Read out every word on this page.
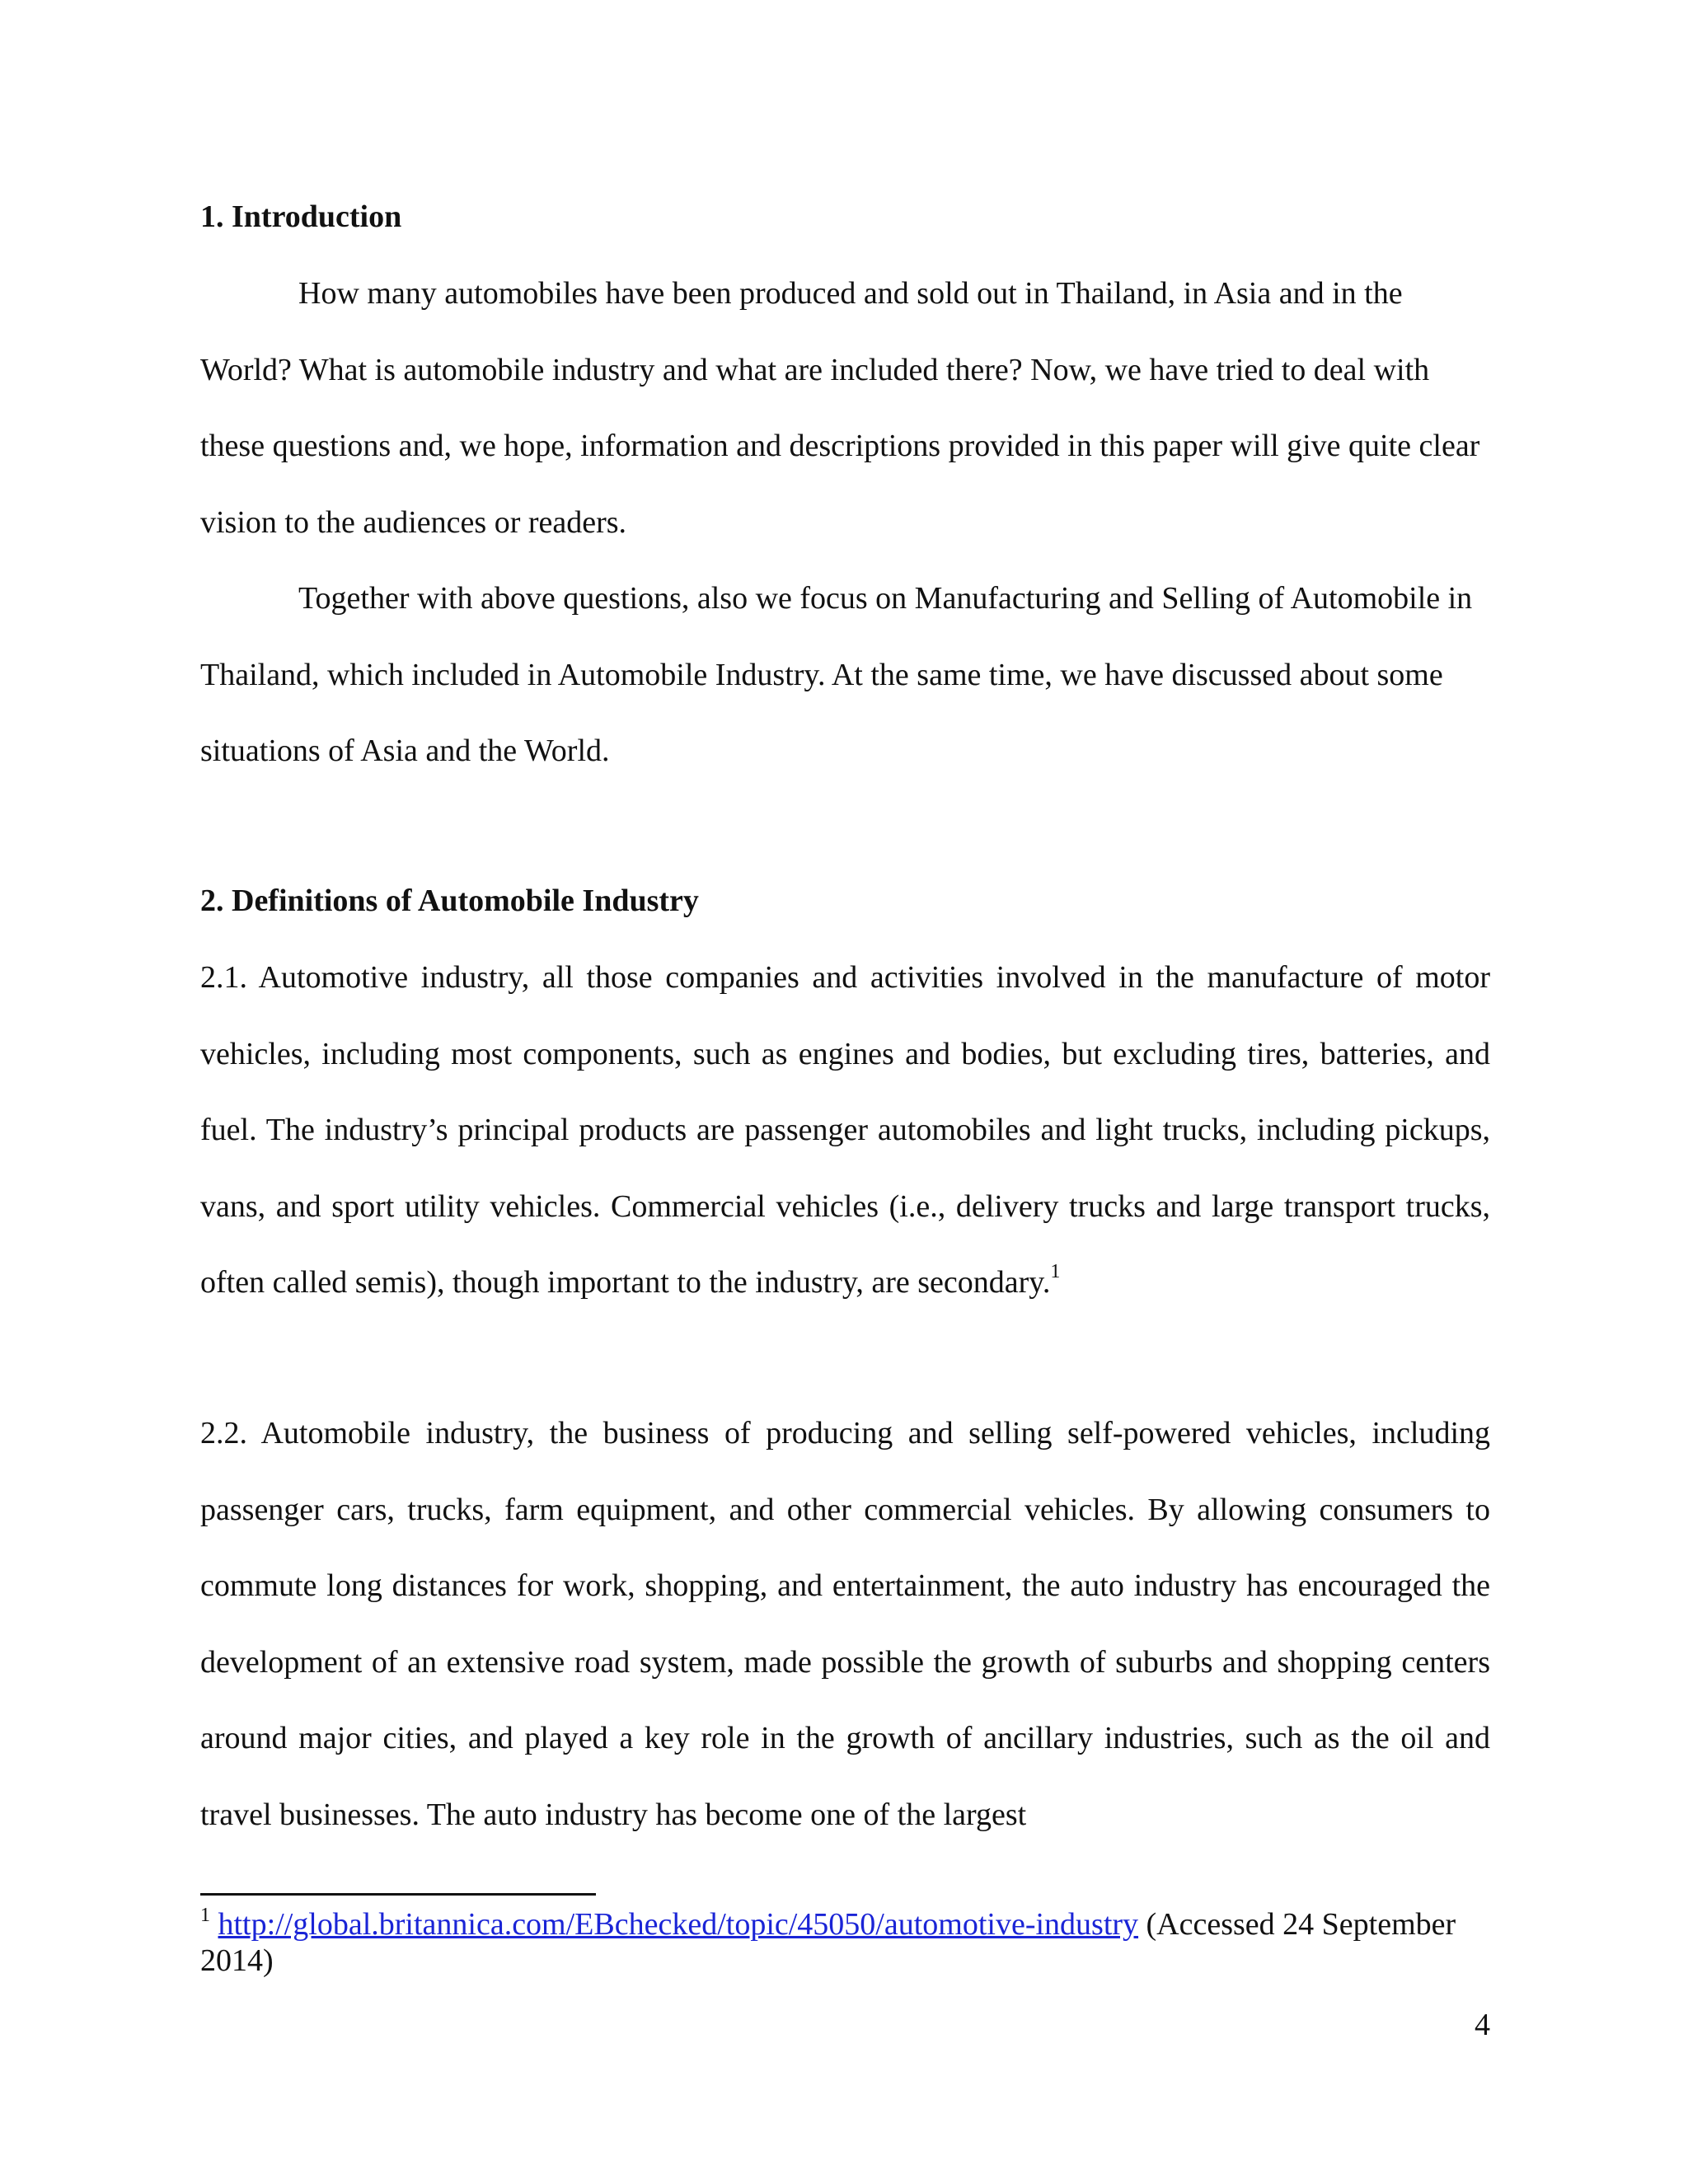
1. Introduction

How many automobiles have been produced and sold out in Thailand, in Asia and in the World? What is automobile industry and what are included there? Now, we have tried to deal with these questions and, we hope, information and descriptions provided in this paper will give quite clear vision to the audiences or readers.

Together with above questions, also we focus on Manufacturing and Selling of Automobile in Thailand, which included in Automobile Industry. At the same time, we have discussed about some situations of Asia and the World.

2. Definitions of Automobile Industry

2.1. Automotive industry, all those companies and activities involved in the manufacture of motor vehicles, including most components, such as engines and bodies, but excluding tires, batteries, and fuel. The industry’s principal products are passenger automobiles and light trucks, including pickups, vans, and sport utility vehicles. Commercial vehicles (i.e., delivery trucks and large transport trucks, often called semis), though important to the industry, are secondary.$^1$

2.2. Automobile industry, the business of producing and selling self-powered vehicles, including passenger cars, trucks, farm equipment, and other commercial vehicles. By allowing consumers to commute long distances for work, shopping, and entertainment, the auto industry has encouraged the development of an extensive road system, made possible the growth of suburbs and shopping centers around major cities, and played a key role in the growth of ancillary industries, such as the oil and travel businesses. The auto industry has become one of the largest

$^1$ http://global.britannica.com/EBchecked/topic/45050/automotive-industry (Accessed 24 September 2014)

4
